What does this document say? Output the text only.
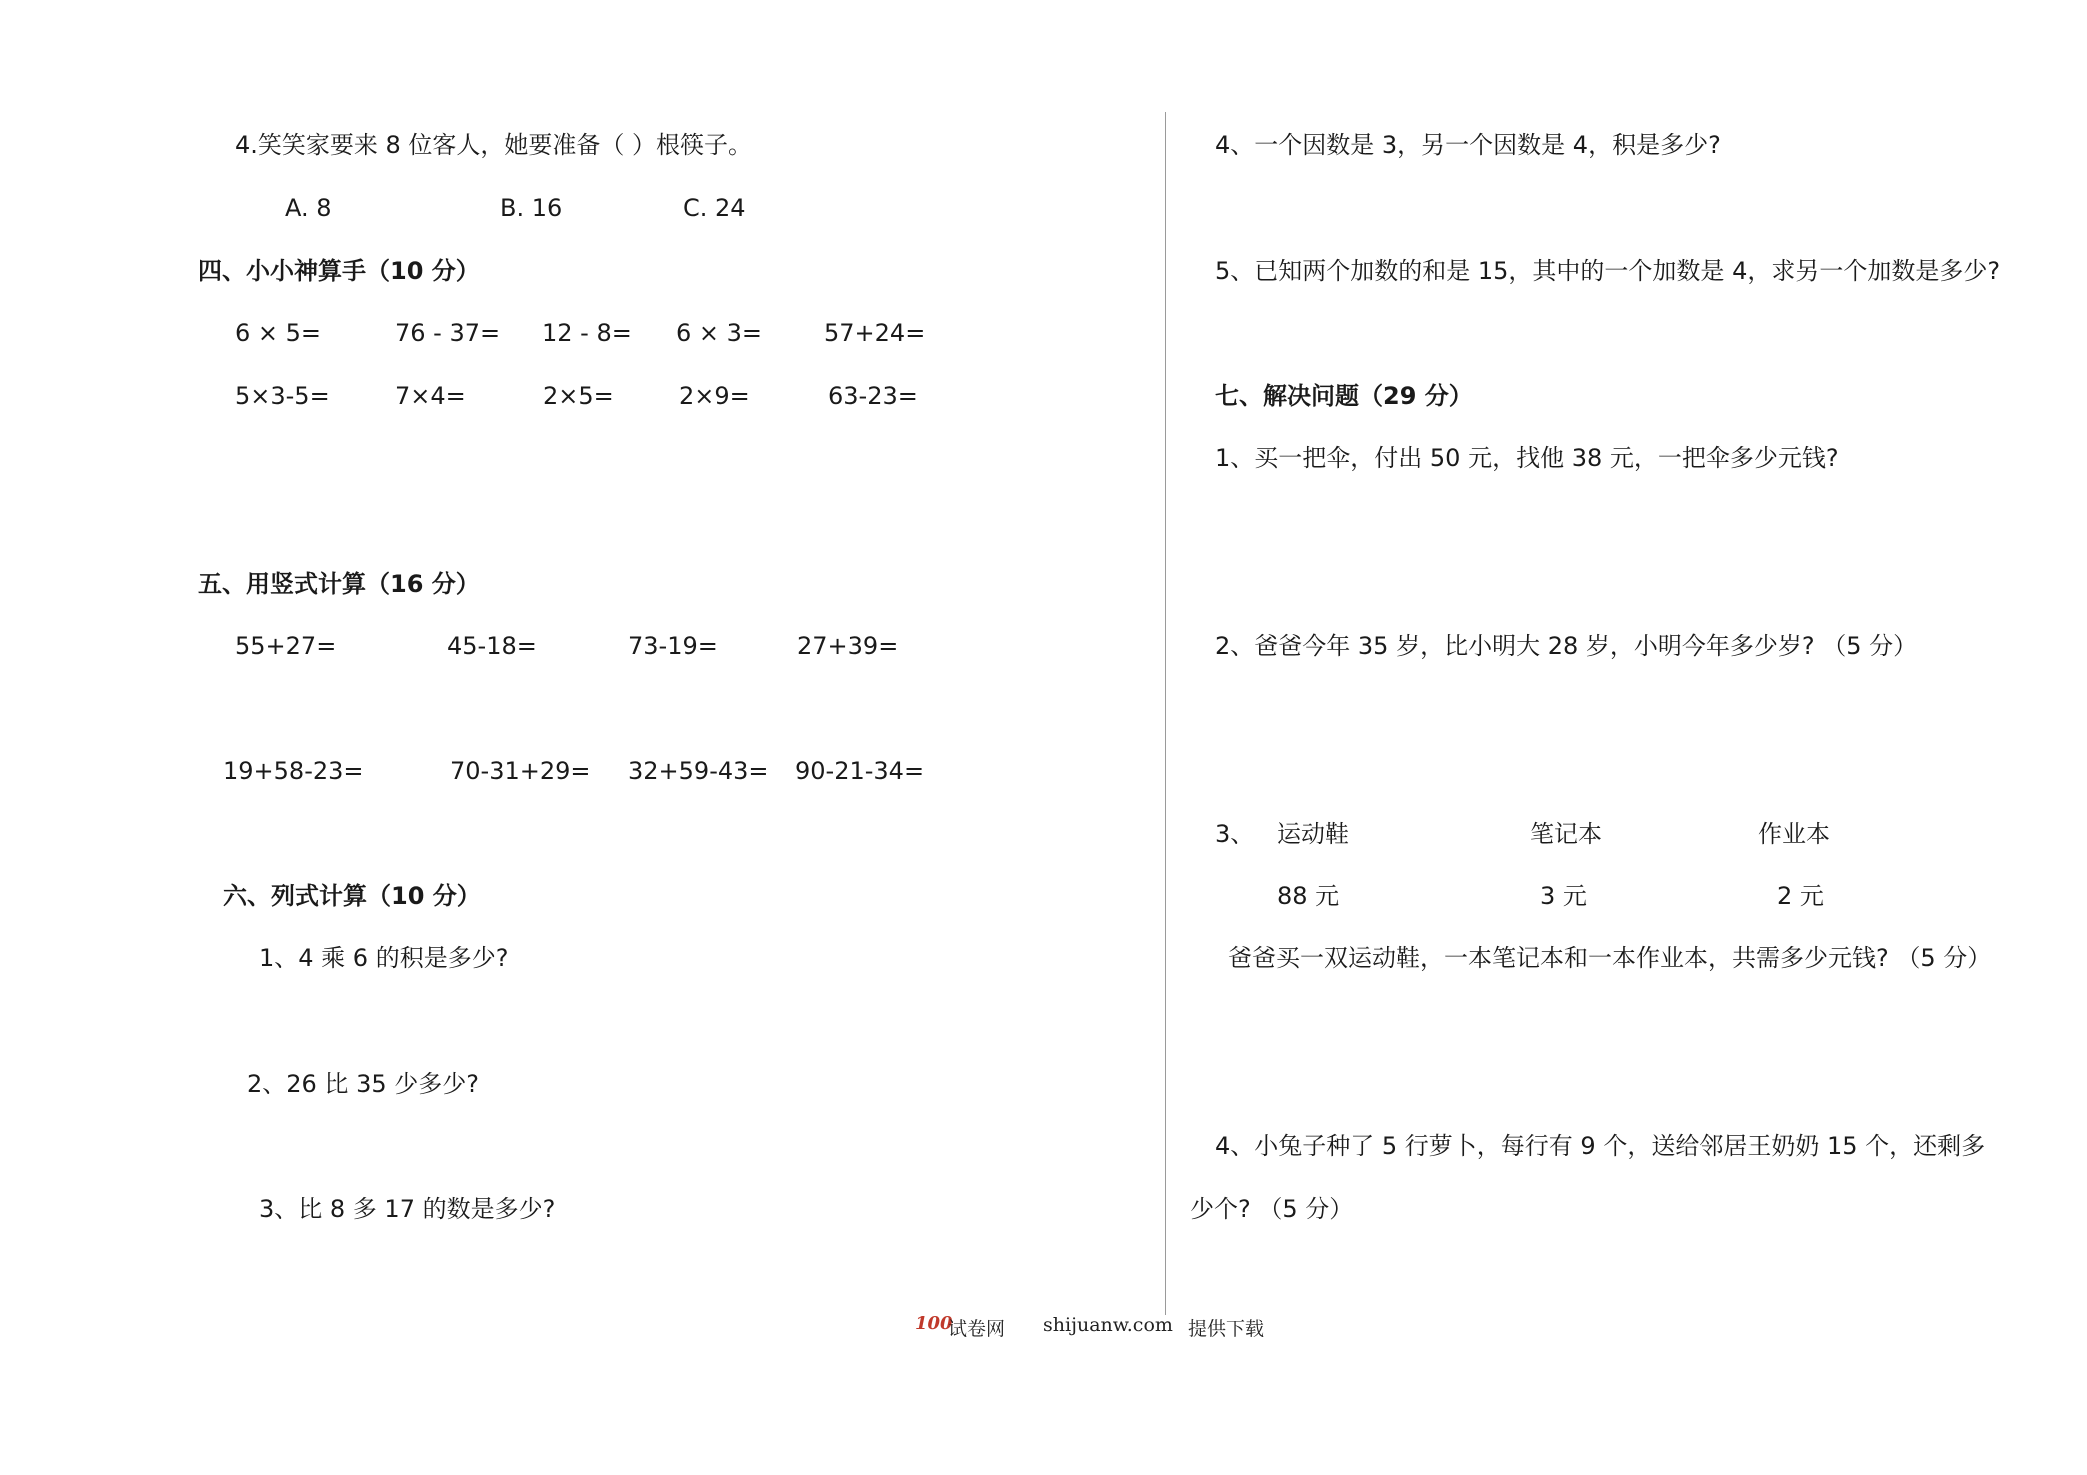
4.笑笑家要来 8 位客人，她要准备（ ）根筷子。
A. 8	B. 16	C. 24
四、小小神算手（10 分）
6 × 5=	76 - 37= 12 - 8= 6 × 3=	57+24=
5×3-5=	7×4=	2×5=	2×9=	63-23=
五、用竖式计算（16 分）
55+27=	45-18=	73-19=	27+39=
19+58-23=	70-31+29= 32+59-43= 90-21-34=
六、列式计算（10 分）
1、4 乘 6 的积是多少?
2、26 比 35 少多少?
3、比 8 多 17 的数是多少?
4、一个因数是 3，另一个因数是 4，积是多少?
5、已知两个加数的和是 15，其中的一个加数是 4，求另一个加数是多少?
七、解决问题（29 分）
1、买一把伞，付出 50 元，找他 38 元，一把伞多少元钱?
2、爸爸今年 35 岁，比小明大 28 岁，小明今年多少岁? （5 分）
3、 运动鞋	笔记本	作业本
88 元	3 元	2 元
爸爸买一双运动鞋，一本笔记本和一本作业本，共需多少元钱? （5 分）
4、小兔子种了 5 行萝卜，每行有 9 个，送给邻居王奶奶 15 个，还剩多
少个? （5 分）
100
试卷网 shijuanw.com 提供下载
